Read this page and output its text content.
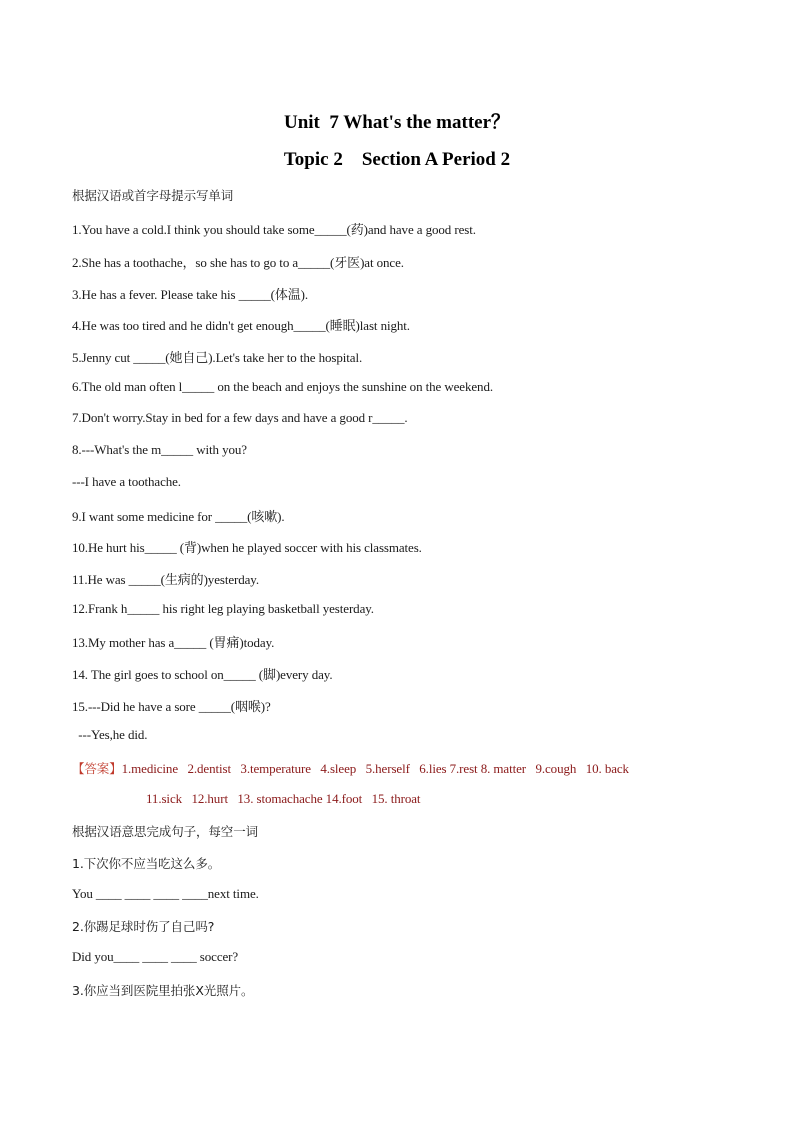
Unit  7 What's the matter？
Topic 2    Section A Period 2
根据汉语或首字母提示写单词
1.You have a cold.I think you should take some_____(药)and have a good rest.
2.She has a toothache，so she has to go to a_____(牙医)at once.
3.He has a fever. Please take his _____(体温).
4.He was too tired and he didn't get enough_____(睡眠)last night.
5.Jenny cut _____(她自己).Let's take her to the hospital.
6.The old man often l_____ on the beach and enjoys the sunshine on the weekend.
7.Don't worry.Stay in bed for a few days and have a good r_____.
8.---What's the m_____ with you?
---I have a toothache.
9.I want some medicine for _____(咳嗽).
10.He hurt his_____ (背)when he played soccer with his classmates.
11.He was _____(生病的)yesterday.
12.Frank h_____ his right leg playing basketball yesterday.
13.My mother has a_____ (胃痛)today.
14. The girl goes to school on_____ (脚)every day.
15.---Did he have a sore _____(咽喉)?
---Yes,he did.
【答案】1.medicine   2.dentist   3.temperature   4.sleep   5.herself   6.lies 7.rest 8. matter   9.cough   10. back
11.sick   12.hurt   13. stomachache 14.foot   15. throat
根据汉语意思完成句子，每空一词
1.下次你不应当吃这么多。
You ____ ____ ____ ____next time.
2.你踢足球时伤了自己吗?
Did you____ ____ ____ soccer?
3.你应当到医院里拍张X光照片。
